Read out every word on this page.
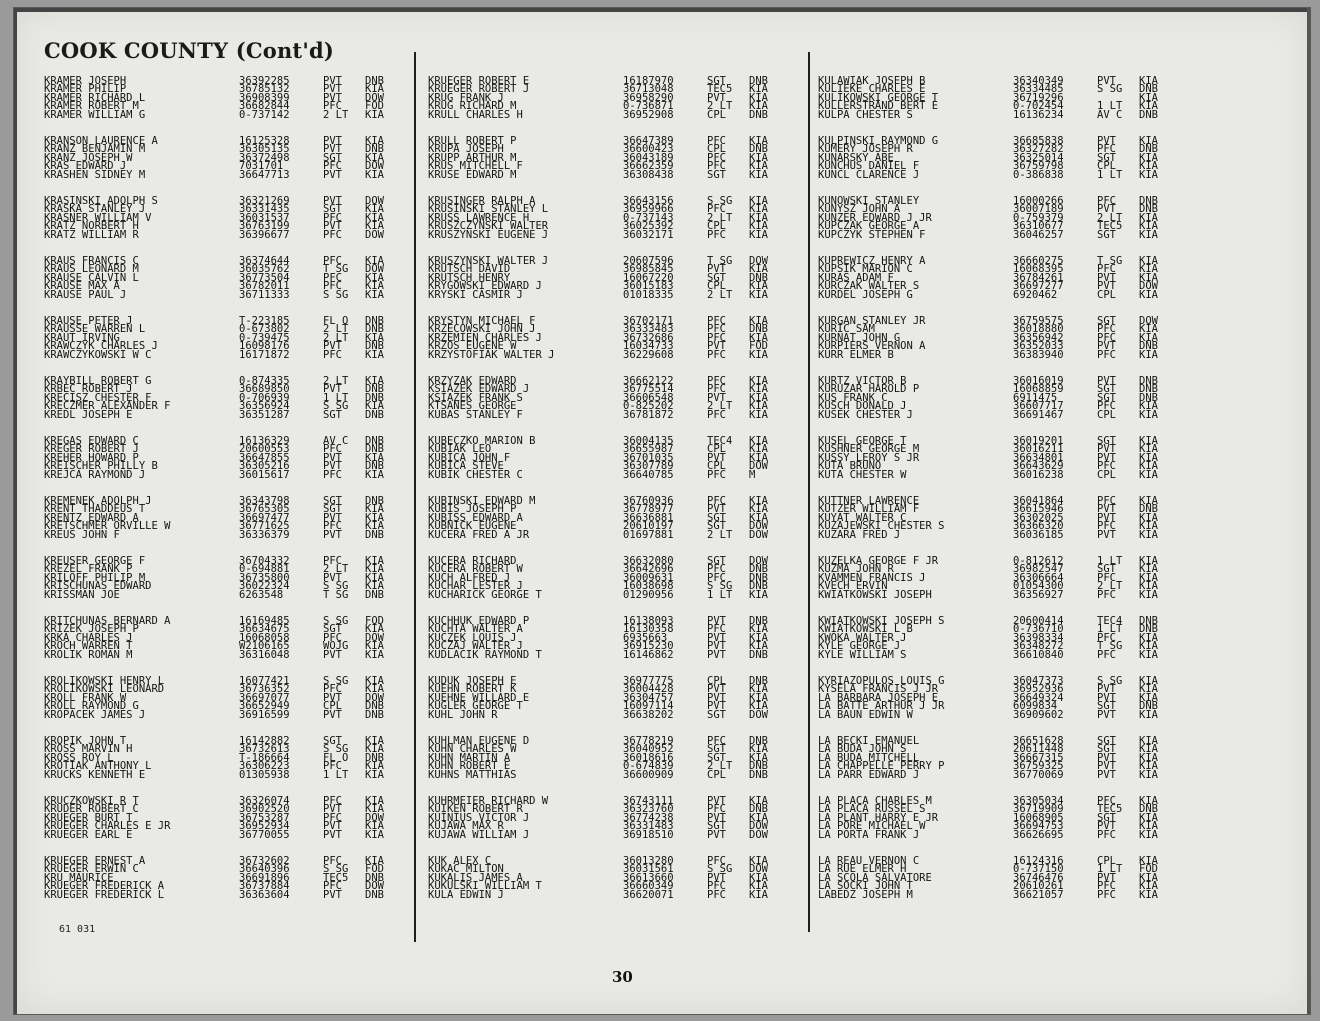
COOK COUNTY (Cont'd)
KRAMER JOSEPH	36392285	PVT DNB
KRAMER PHILIP	36785132	PVT KIA
KRAMER RICHARD L	36908399	PVT DOW
KRAMER ROBERT M	36682844	PFC FOD
KRAMER WILLIAM G	0-737142	2 LT KIA
KRANSON LAURENCE A	16125328	PVT KIA
KRANZ BENJAMIN M	36305135	PVT DNB
KRANZ JOSEPH W	36372498	SGT KIA
KRAS EDWARD J	7031701	PFC DOW
KRASHEN SIDNEY M	36647713	PVT KIA
KRASINSKI ADOLPH S	36321269	PVT DOW
KRASKA STANLEY J	36331435	SGT KIA
KRASNER WILLIAM V	36031537	PFC KIA
KRATZ NORBERT H	36763199	PVT KIA
KRATZ WILLIAM R	36396677	PFC DOW
KRAUS FRANCIS C	36374644	PFC KIA
KRAUS LEONARD M	36035762	T SG DOW
KRAUSE CALVIN L	36773504	PFC KIA
KRAUSE MAX A	36782011	PFC KIA
KRAUSE PAUL J	36711333	S SG KIA
KRAUSE PETER J	T-223185	FL O DNB
KRAUSSE WARREN L	0-673802	2 LT DNB
KRAUT IRVING	0-739475	2 LT KIA
KRAWCZYK CHARLES J	16098176	PVT DNB
KRAWCZYKOWSKI W C	16171872	PFC KIA
KRAYBILL ROBERT G	0-874335	2 LT KIA
KRBEC ROBERT J	36689850	PVT DNB
KRECISZ CHESTER F	0-706939	1 LT DNB
KRECZMER ALEXANDER F	36356924	S SG KIA
KREDL JOSEPH E	36351287	SGT DNB
KREGAS EDWARD C	16136329	AV C DNB
KREGER ROBERT J	20600553	PFC DNB
KREHER HOWARD P	36647855	PVT KIA
KREISCHER PHILLY B	36305216	PVT DNB
KREJCA RAYMOND J	36015617	PFC KIA
KREMENEK ADOLPH J	36343798	SGT DNB
KRENT THADDEUS T	36765305	SGT KIA
KRENTZ EDWARD A	36697477	PVT KIA
KRETSCHMER ORVILLE W	36771625	PFC KIA
KREUS JOHN F	36336379	PVT DNB
KREUSER GEORGE F	36704332	PFC KIA
KREZEL FRANK P	0-694881	2 LT KIA
KRILOFF PHILIP M	36735800	PVT KIA
KRISCHUNAS EDWARD	36022324	S SG KIA
KRISSMAN JOE	6263548	T SG DNB
KRITCHUNAS BERNARD A	16169485	S SG FOD
KRIZEK JOSEPH P	36634675	SGT KIA
KRKA CHARLES J	16068058	PFC DOW
KROCH WARREN T	W2106165	WOJG KIA
KROLIK ROMAN M	36316048	PVT KIA
KROLIKOWSKI HENRY L	16077421	S SG KIA
KROLIKOWSKI LEONARD	36736352	PFC KIA
KROLL FRANK W	36697077	PVT DOW
KROLL RAYMOND G	36652949	CPL DNB
KROPACEK JAMES J	36916599	PVT DNB
KROPIK JOHN T	16142882	SGT KIA
KROSS MARVIN H	36732613	S SG KIA
KROSS ROY L	T-186664	FL O DNB
KROTIAK ANTHONY L	36306223	PFC KIA
KRUCKS KENNETH E	01305938	1 LT KIA
KRUCZKOWSKI R T	36326074	PFC KIA
KRUDER ROBERT C	36902520	PVT KIA
KRUEGER BURT T	36753287	PFC DOW
KRUEGER CHARLES E JR	36952934	PVT KIA
KRUEGER EARL E	36770055	PVT KIA
KRUEGER ERNEST A	36732602	PFC KIA
KRUEGER ERWIN C	36640396	S SG FOD
KRU MAURICE	36691896	TEC5 DNB
KRUEGER FREDERICK A	36737884	PFC DOW
KRUEGER FREDERICK L	36363604	PVT DNB
KRUEGER ROBERT E	16187970	SGT DNB
KRUEGER ROBERT J	36713048	TEC5 KIA
KRUG FRANK J	36958290	PVT KIA
KRUG RICHARD M	0-736871	2 LT KIA
KRULL CHARLES H	36952908	CPL DNB
KRULL ROBERT P	36647389	PFC KIA
KRUPA JOSEPH	36600423	CPL DNB
KRUPP ARTHUR M	36043189	PFC KIA
KRUS MITCHELL F	36662359	PFC KIA
KRUSE EDWARD M	36308438	SGT KIA
KRUSINGER RALPH A	36643156	S SG KIA
KRUSINSKI STANLEY L	36959966	PFC KIA
KRUSS LAWRENCE H	0-737143	2 LT KIA
KRUSZCZYNSKI WALTER	36025392	CPL KIA
KRUSZYNSKI EUGENE J	36032171	PFC KIA
KRUSZYNSKI WALTER J	20607596	T SG DOW
KRUTSCH DAVID	36985845	PVT KIA
KRUTSCH HENRY	16067220	SGT DNB
KRYGOWSKI EDWARD J	36015183	CPL KIA
KRYSKI CASMIR J	01018335	2 LT KIA
KRYSTYN MICHAEL F	36702171	PFC KIA
KRZECOWSKI JOHN J	36333483	PFC DNB
KRZEMIEN CHARLES J	36732686	PFC KIA
KRZOS EUGENE W	16034733	PVT FOD
KRZYSTOFIAK WALTER J	36229608	PFC KIA
KRZYZAK EDWARD	36662122	PFC KIA
KSIAZEK EDWARD J	36775514	PFC KIA
KSIAZEK FRANK S	36606548	PVT KIA
KTSANES GEORGE	0-825202	2 LT KIA
KUBAS STANLEY F	36781872	PFC KIA
KUBECZKO MARION B	36004135	TEC4 KIA
KUBIAK LEO	36655987	CPL KIA
KUBICA JOHN F	36701035	PVT KIA
KUBICA STEVE	36307789	CPL DOW
KUBIK CHESTER C	36640785	PFC M
KUBINSKI EDWARD M	36760936	PFC KIA
KUBIS JOSEPH P	36778977	PVT KIA
KUBISS EDWARD A	36636881	SGT KIA
KUBNICK EUGENE	20610197	SGT DOW
KUCERA FRED A JR	01697881	2 LT DOW
KUCERA RICHARD	36632080	SGT DOW
KUCERA ROBERT W	36642696	PFC DNB
KUCH ALFRED J	36009631	PFC DNB
KUCHAR LESTER J	16038698	S SG DNB
KUCHARICK GEORGE T	01290956	1 LT KIA
KUCHHUK EDWARD P	16138093	PVT DNB
KUCHTA WALTER A	16130358	PFC KIA
KUCZEK LOUIS J	6935663	PVT KIA
KUCZAJ WALTER J	36915230	PVT KIA
KUDLACIK RAYMOND T	16146862	PVT DNB
KUDUK JOSEPH E	36977775	CPL DNB
KUEHN ROBERT K	36004428	PVT KIA
KUEHNE WILLARD E	36304757	PVT KIA
KUGLER GEORGE T	16097114	PVT KIA
KUHL JOHN R	36638202	SGT DOW
KUHLMAN EUGENE D	36778219	PFC DNB
KUHN CHARLES W	36040952	SGT KIA
KUHN MARTIN A	36018616	SGT KIA
KUHN ROBERT E	0-674839	2 LT DNB
KUHNS MATTHIAS	36600909	CPL DNB
KUHRMEIER RICHARD W	36743111	PVT KIA
KUIKEN ROBERT R	36323760	PFC DNB
KUINIUS VICTOR J	36774238	PVT KIA
KUJAWA MAX R	36331483	SGT DOW
KUJAWA WILLIAM J	36918510	PVT DOW
KUK ALEX C	36013280	PFC KIA
KUKAC MILTON	36031561	S SG DOW
KUKALIS JAMES A	36613660	PVT KIA
KUKULSKI WILLIAM T	36660349	PFC KIA
KULA EDWIN J	36620071	PFC KIA
KULAWIAK JOSEPH B	36340349	PVT KIA
KULIEKE CHARLES E	36334485	S SG DNB
KULIKOWSKI GEORGE T	36719296	KIA
KULLERSTRAND BERT E	0-702454	1 LT KIA
KULPA CHESTER S	16136234	AV C DNB
KULPINSKI RAYMOND G	36685838	PVT KIA
KUMERY JOSEPH R	36327282	PFC DNB
KUNARSKY ABE	36325014	SGT KIA
KUNCHUS DANIEL F	36759798	CPL KIA
KUNCL CLARENCE J	0-386838	1 LT KIA
KUNOWSKI STANLEY	16000266	PFC DNB
KUNYSZ JOHN A	36007189	PVT DNB
KUNZER EDWARD J JR	0-759379	2 LT KIA
KUPCZAK GEORGE A	36310677	TEC5 KIA
KUPCZYK STEPHEN F	36046257	SGT KIA
KUPREWICZ HENRY A	36660275	T SG KIA
KUPSIK MARION C	16068395	PFC KIA
KURAS ADAM F	36784261	PVT KIA
KURCZAK WALTER S	36697277	PVT DOW
KURDEL JOSEPH G	6920462	CPL KIA
KURGAN STANLEY JR	36759575	SGT DOW
KURIC SAM	36018880	PFC KIA
KURNAT JOHN G	36356942	PFC KIA
KURPIERS VERNON A	36352033	PVT DNB
KURR ELMER B	36383940	PFC KIA
KURTZ VICTOR B	36016019	PVT DNB
KURUZAR HAROLD P	16068859	SGT DNB
KUS FRANK C	6911475	SGT DNB
KUSCH DONALD J	36607717	PFC KIA
KUSEK CHESTER J	36691467	CPL KIA
KUSEL GEORGE T	36019201	SGT KIA
KUSHNER GEORGE M	36016211	PVT KIA
KUSSY LEROY S JR	36634801	PVT KIA
KUTA BRUNO	36643629	PFC KIA
KUTA CHESTER W	36016238	CPL KIA
KUTTNER LAWRENCE	36041864	PFC KIA
KUTZER WILLIAM F	36615946	PVT DNB
KUYAT WALTER C	36302025	PVT KIA
KUZAJEWSKI CHESTER S	36366320	PFC KIA
KUZARA FRED J	36036185	PVT KIA
KUZELKA GEORGE F JR	0-812612	1 LT KIA
KUZMA JOHN R	36982547	SGT KIA
KVAMMEN FRANCIS J	36306664	PFC KIA
KVECH ERVIN	01054300	2 LT KIA
KWIATKOWSKI JOSEPH	36356927	PFC KIA
KWIATKOWSKI JOSEPH S	20600414	TEC4 DNB
KWIATKOWSKI L B	0-736710	1 LT DNB
KWOKA WALTER J	36398334	PFC KIA
KYLE GEORGE J	36348272	T SG KIA
KYLE WILLIAM S	36610840	PFC KIA
KYRIAZOPULOS LOUIS G	36047373	S SG KIA
KYSELA FRANCIS J JR	36952936	PVT KIA
LA BARBARA JOSEPH E	36649324	PVT KIA
LA BATTE ARTHUR J JR	6099834	SGT DNB
LA BAUN EDWIN W	36909602	PVT KIA
LA BECKI EMANUEL	36651628	SGT KIA
LA BUDA JOHN S	20611448	SGT KIA
LA BUDA MITCHELL	36667315	PVT KIA
LA CHAPPELLE PERRY P	36759325	PVT KIA
LA PARR EDWARD J	36770069	PVT KIA
LA PLACA CHARLES M	36305034	PFC KIA
LA PLACA RUSSEL S	36719909	TEC5 DNB
LA PLANT HARRY E JR	16068905	SGT KIA
LA PORE MICHAEL W	36694753	PVT KIA
LA PORTA FRANK J	36626695	PFC KIA
LA REAU VERNON C	16124316	CPL KIA
LA RUE ELMER H	0-737150	1 LT FOD
LA SCOLA SALVATORE	36746476	PVT KIA
LA SOCKI JOHN T	20610261	PFC KIA
LABEDZ JOSEPH M	36621057	PFC KIA
61 031
30
